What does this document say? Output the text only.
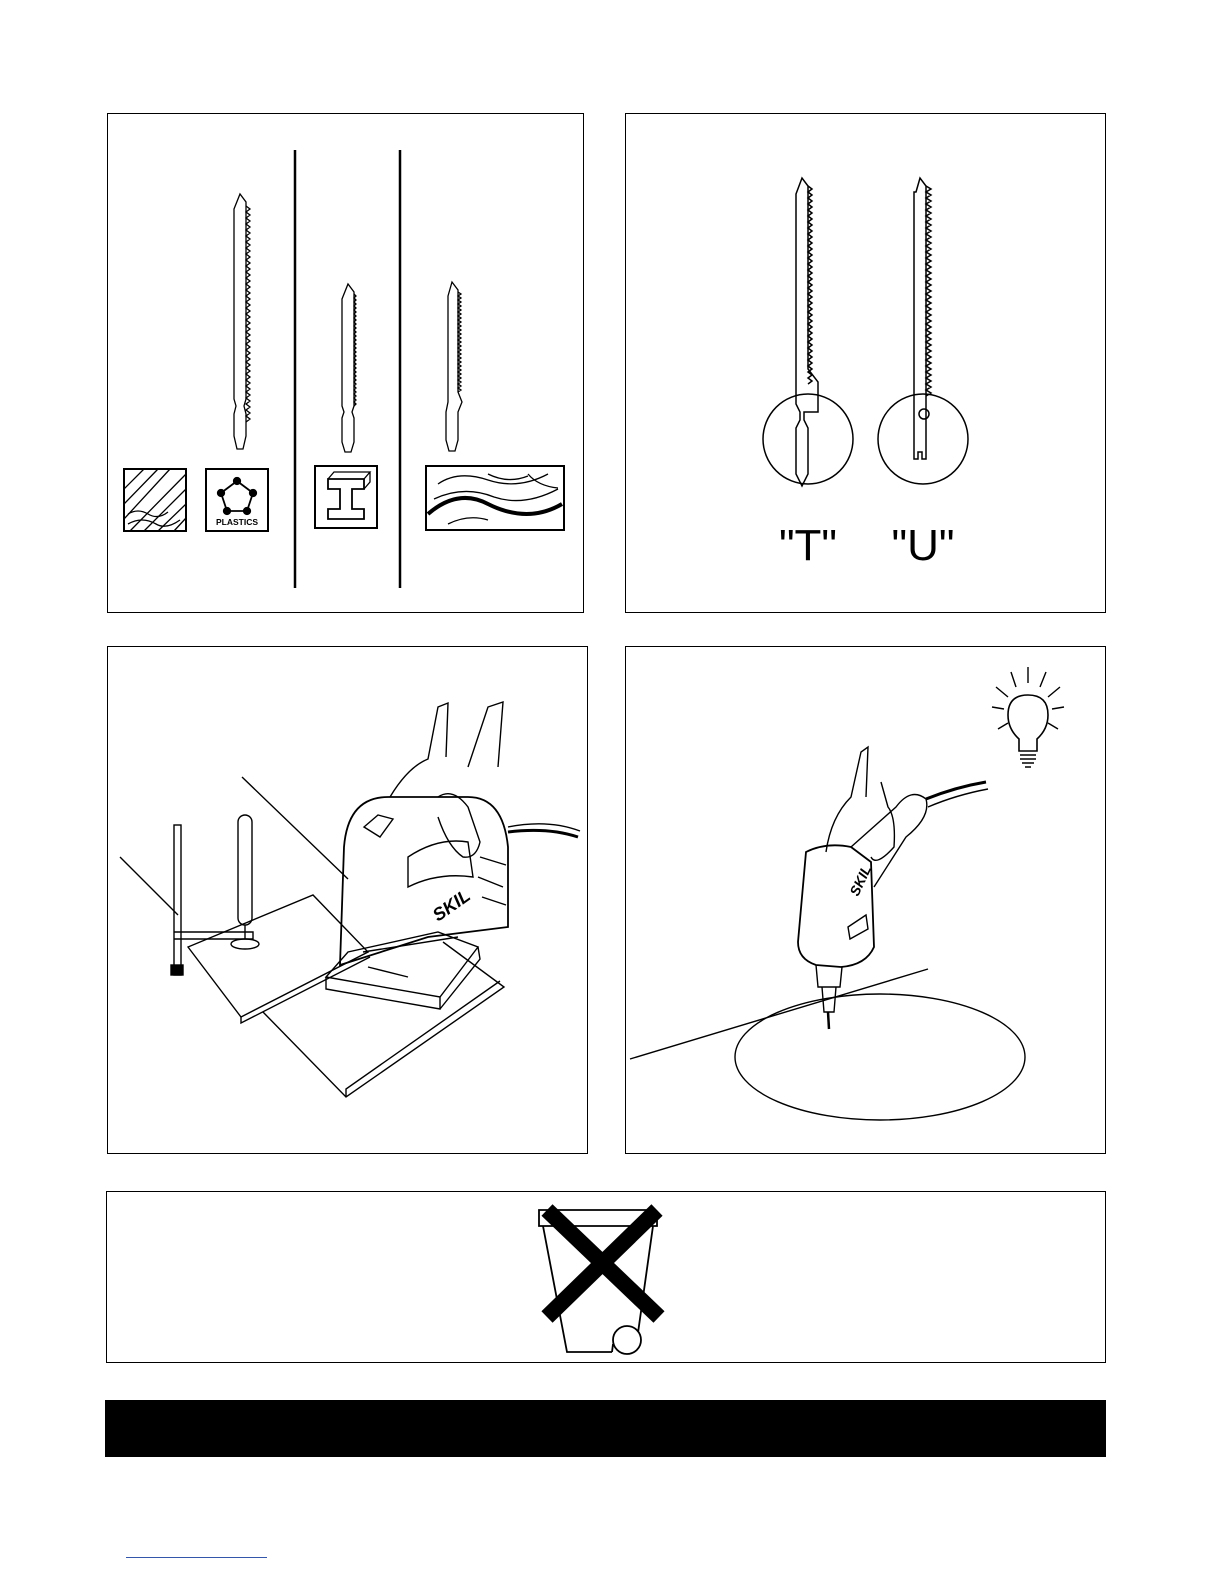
PLASTICS	"T" "U"
SKIL
SKIL
